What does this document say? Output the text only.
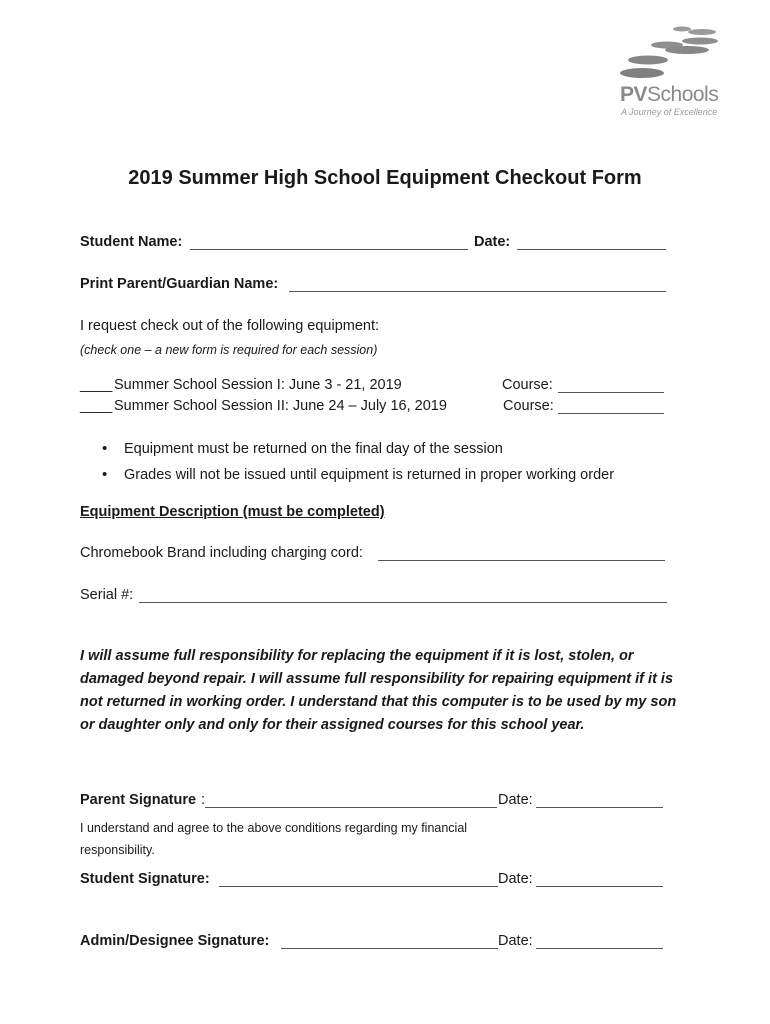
PVSchools
A Journey of Excellence
2019 Summer High School Equipment Checkout Form
Student Name:	Date:
Print Parent/Guardian Name:
I request check out of the following equipment:
(check one – a new form is required for each session)
____ Summer School Session I: June 3 - 21, 2019	Course:
____ Summer School Session II: June 24 – July 16, 2019	Course:
• Equipment must be returned on the final day of the session
• Grades will not be issued until equipment is returned in proper working order
Equipment Description (must be completed)
Chromebook Brand including charging cord:
Serial #:
I will assume full responsibility for replacing the equipment if it is lost, stolen, or damaged beyond repair. I will assume full responsibility for repairing equipment if it is not returned in working order. I understand that this computer is to be used by my son or daughter only and only for their assigned courses for this school year.
Parent Signature :	Date:
I understand and agree to the above conditions regarding my financial responsibility.
Student Signature:	Date:
Admin/Designee Signature:	Date:
